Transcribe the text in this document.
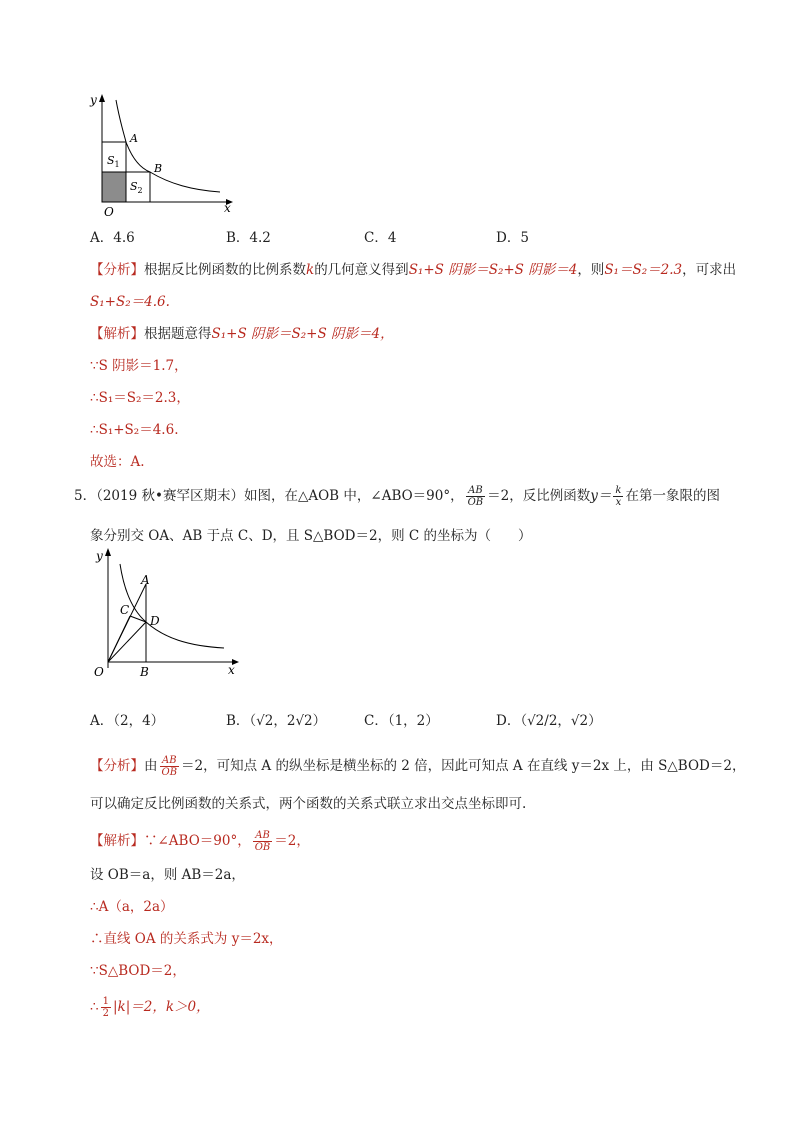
y
x
O
A
B
$S_1$
$S_2$
A．4.6	B．4.2	C．4	D．5
【分析】根据反比例函数的比例系数k的几何意义得到S₁+S 阴影＝S₂+S 阴影＝4，则S₁＝S₂＝2.3，可求出
S₁+S₂＝4.6.
【解析】根据题意得S₁+S 阴影＝S₂+S 阴影＝4，
∵S 阴影＝1.7，
∴S₁＝S₂＝2.3，
∴S₁+S₂＝4.6.
故选：A.
5．（2019 秋•赛罕区期末）如图，在△AOB 中，∠ABO＝90°， $\frac{AB}{OB} =2$，反比例函数$y= \frac{k}{x}$ 在第一象限的图
象分别交 OA、AB 于点 C、D，且 S△BOD＝2，则 C 的坐标为（　　）
y
x
O	B
A
C
D
A．（2，4）	B．（√2，2√2）	C．（1，2）	D．（√2/2，√2）
【分析】由 $\frac{AB}{OB} =2$，可知点 A 的纵坐标是横坐标的 2 倍，因此可知点 A 在直线 y＝2x 上，由 S△BOD＝2，
可以确定反比例函数的关系式，两个函数的关系式联立求出交点坐标即可.
【解析】∵∠ABO＝90°， $\frac{AB}{OB} =2$，
设 OB＝a，则 AB＝2a，
∴A（a，2a）
∴直线 OA 的关系式为 y＝2x，
∵S△BOD＝2，
∴ $\frac{1}{2} |k|=2$，k＞0，
